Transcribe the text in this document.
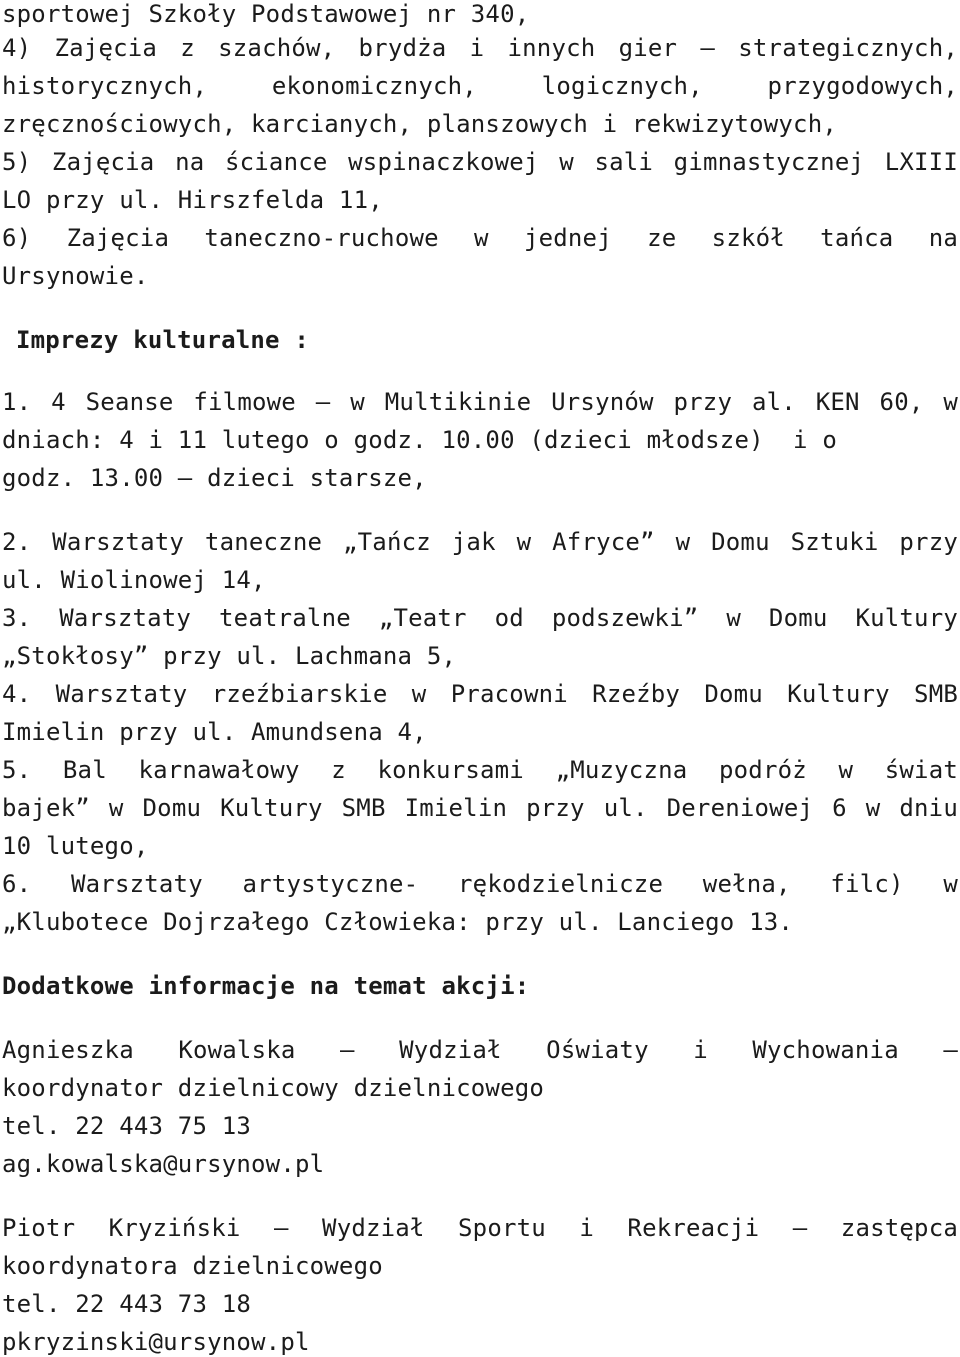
sportowej Szkoły Podstawowej nr 340,
4) Zajęcia z szachów, brydża i innych gier – strategicznych,
historycznych, ekonomicznych, logicznych, przygodowych,
zręcznościowych, karcianych, planszowych i rekwizytowych,
5) Zajęcia na ściance wspinaczkowej w sali gimnastycznej LXIII
LO przy ul. Hirszfelda 11,
6) Zajęcia taneczno-ruchowe w jednej ze szkół tańca na
Ursynowie.
Imprezy kulturalne :
1. 4 Seanse filmowe – w Multikinie Ursynów przy al. KEN 60, w
dniach: 4 i 11 lutego o godz. 10.00 (dzieci młodsze)  i o
godz. 13.00 – dzieci starsze,
2. Warsztaty taneczne „Tańcz jak w Afryce” w Domu Sztuki przy
ul. Wiolinowej 14,
3. Warsztaty teatralne „Teatr od podszewki” w Domu Kultury
„Stokłosy” przy ul. Lachmana 5,
4. Warsztaty rzeźbiarskie w Pracowni Rzeźby Domu Kultury SMB
Imielin przy ul. Amundsena 4,
5. Bal karnawałowy z konkursami „Muzyczna podróż w świat
bajek” w Domu Kultury SMB Imielin przy ul. Dereniowej 6 w dniu
10 lutego,
6. Warsztaty artystyczne- rękodzielnicze wełna, filc) w
„Klubotece Dojrzałego Człowieka: przy ul. Lanciego 13.
Dodatkowe informacje na temat akcji:
Agnieszka Kowalska – Wydział Oświaty i Wychowania –
koordynator dzielnicowy dzielnicowego
tel. 22 443 75 13
ag.kowalska@ursynow.pl
Piotr Kryziński – Wydział Sportu i Rekreacji – zastępca
koordynatora dzielnicowego
tel. 22 443 73 18
pkryzinski@ursynow.pl
